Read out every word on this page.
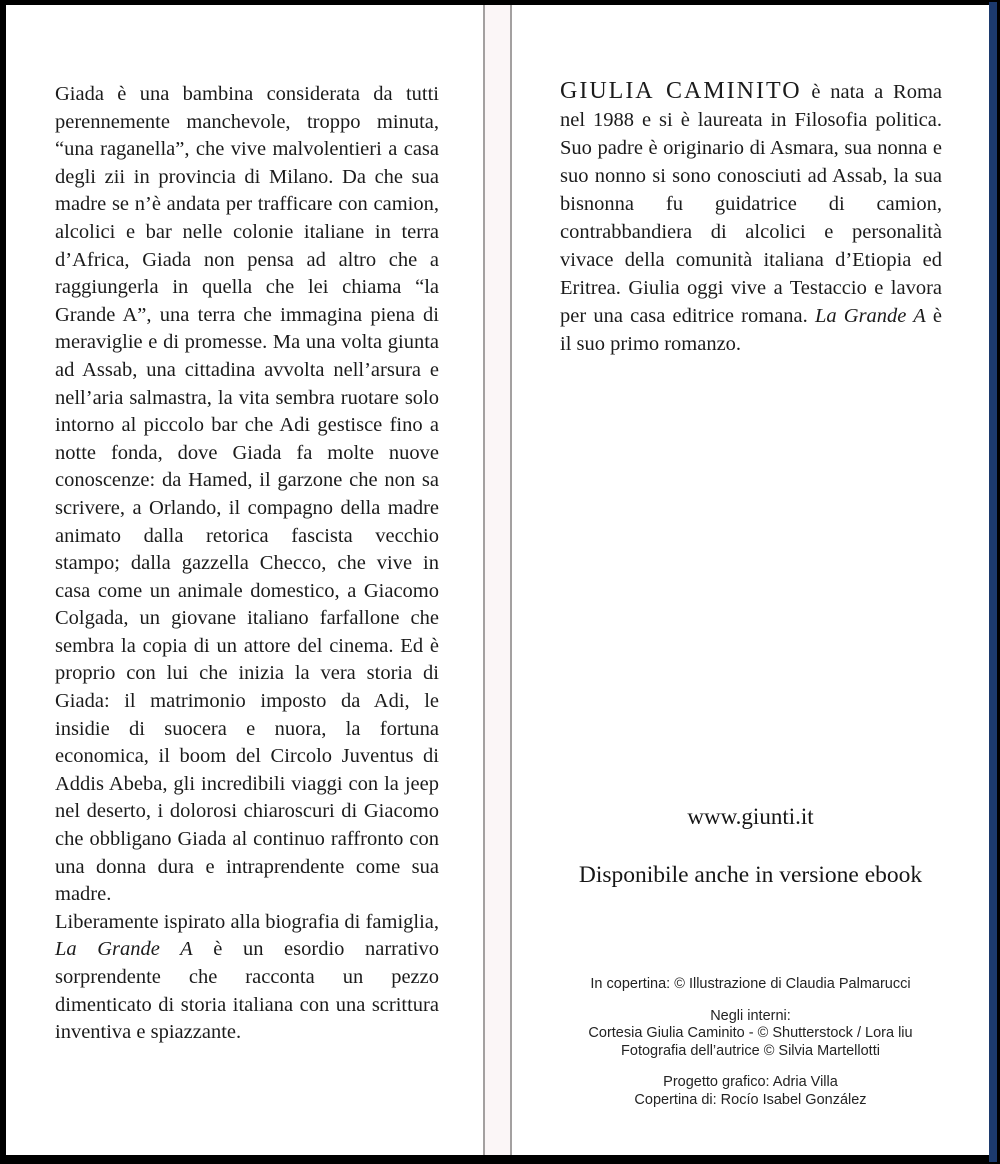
Giada è una bambina considerata da tutti perennemente manchevole, troppo minuta, “una raganella”, che vive malvolentieri a casa degli zii in provincia di Milano. Da che sua madre se n’è andata per trafficare con camion, alcolici e bar nelle colonie italiane in terra d’Africa, Giada non pensa ad altro che a raggiungerla in quella che lei chiama “la Grande A”, una terra che immagina piena di meraviglie e di promesse. Ma una volta giunta ad Assab, una cittadina avvolta nell’arsura e nell’aria salmastra, la vita sembra ruotare solo intorno al piccolo bar che Adi gestisce fino a notte fonda, dove Giada fa molte nuove conoscenze: da Hamed, il garzone che non sa scrivere, a Orlando, il compagno della madre animato dalla retorica fascista vecchio stampo; dalla gazzella Checco, che vive in casa come un animale domestico, a Giacomo Colgada, un giovane italiano farfallone che sembra la copia di un attore del cinema. Ed è proprio con lui che inizia la vera storia di Giada: il matrimonio imposto da Adi, le insidie di suocera e nuora, la fortuna economica, il boom del Circolo Juventus di Addis Abeba, gli incredibili viaggi con la jeep nel deserto, i dolorosi chiaroscuri di Giacomo che obbligano Giada al continuo raffronto con una donna dura e intraprendente come sua madre.

Liberamente ispirato alla biografia di famiglia, La Grande A è un esordio narrativo sorprendente che racconta un pezzo dimenticato di storia italiana con una scrittura inventiva e spiazzante.

GIULIA CAMINITO è nata a Roma nel 1988 e si è laureata in Filosofia politica. Suo padre è originario di Asmara, sua nonna e suo nonno si sono conosciuti ad Assab, la sua bisnonna fu guidatrice di camion, contrabbandiera di alcolici e personalità vivace della comunità italiana d’Etiopia ed Eritrea. Giulia oggi vive a Testaccio e lavora per una casa editrice romana. La Grande A è il suo primo romanzo.

www.giunti.it
Disponibile anche in versione ebook
In copertina: © Illustrazione di Claudia Palmarucci
Negli interni:
Cortesia Giulia Caminito - © Shutterstock / Lora liu
Fotografia dell’autrice © Silvia Martellotti
Progetto grafico: Adria Villa
Copertina di: Rocío Isabel González
